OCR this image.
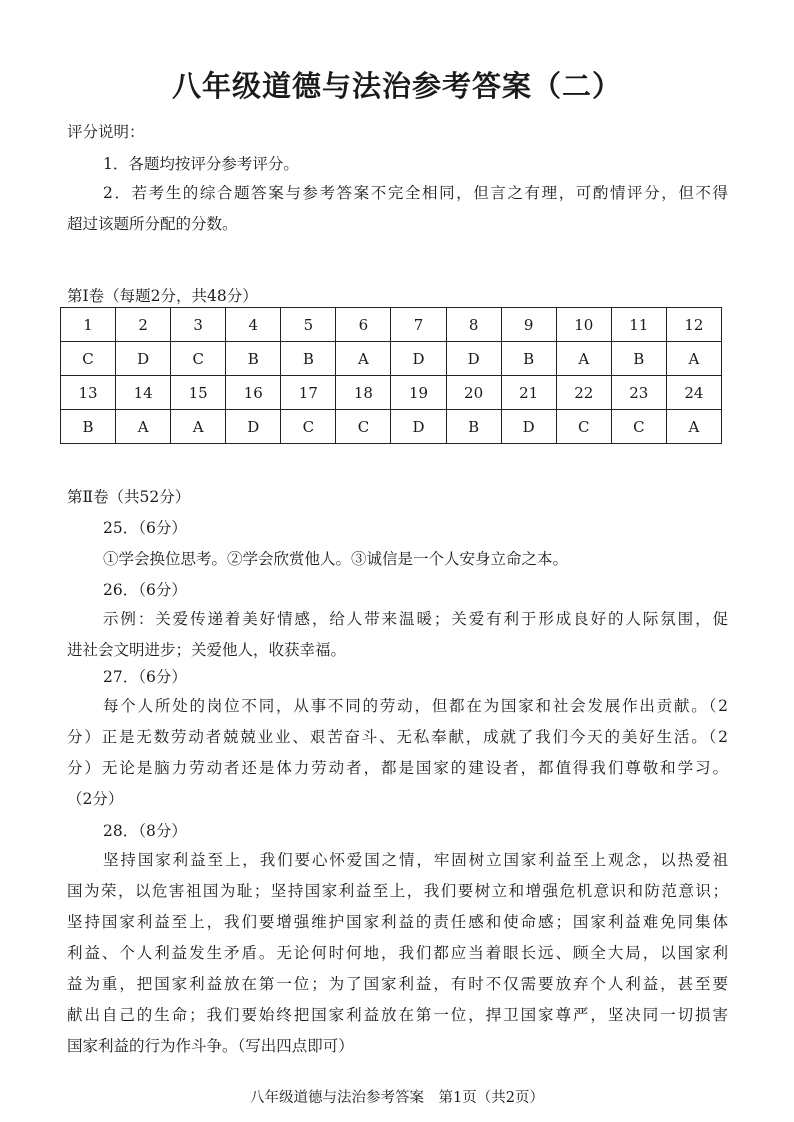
八年级道德与法治参考答案（二）
评分说明：
1．各题均按评分参考评分。

2．若考生的综合题答案与参考答案不完全相同，但言之有理，可酌情评分，但不得

超过该题所分配的分数。

第Ⅰ卷（每题2分，共48分）
1	2	3	4	5	6	7	8	9	10	11	12
C	D	C	B	B	A	D	D	B	A	B	A
13	14	15	16	17	18	19	20	21	22	23	24
B	A	A	D	C	C	D	B	D	C	C	A
第Ⅱ卷（共52分）
25．（6分）
①学会换位思考。②学会欣赏他人。③诚信是一个人安身立命之本。
26．（6分）

示例：关爱传递着美好情感，给人带来温暖；关爱有利于形成良好的人际氛围，促

进社会文明进步；关爱他人，收获幸福。

27．（6分）

每个人所处的岗位不同，从事不同的劳动，但都在为国家和社会发展作出贡献。（2

分）正是无数劳动者兢兢业业、艰苦奋斗、无私奉献，成就了我们今天的美好生活。（2

分）无论是脑力劳动者还是体力劳动者，都是国家的建设者，都值得我们尊敬和学习。

（2分）

28．（8分）

坚持国家利益至上，我们要心怀爱国之情，牢固树立国家利益至上观念，以热爱祖

国为荣，以危害祖国为耻；坚持国家利益至上，我们要树立和增强危机意识和防范意识；

坚持国家利益至上，我们要增强维护国家利益的责任感和使命感；国家利益难免同集体

利益、个人利益发生矛盾。无论何时何地，我们都应当着眼长远、顾全大局，以国家利

益为重，把国家利益放在第一位；为了国家利益，有时不仅需要放弃个人利益，甚至要

献出自己的生命；我们要始终把国家利益放在第一位，捍卫国家尊严，坚决同一切损害

国家利益的行为作斗争。（写出四点即可）

八年级道德与法治参考答案　第1页（共2页）
